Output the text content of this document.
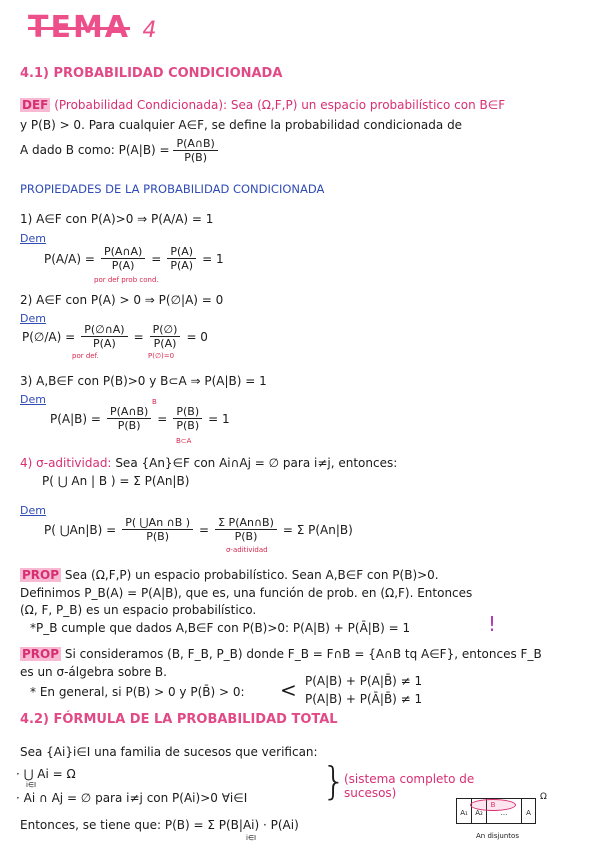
TEMA 4
4.1) PROBABILIDAD CONDICIONADA
DEF (Probabilidad Condicionada): Sea (Ω,F,P) un espacio probabilístico con B∈F
y P(B) > 0. Para cualquier A∈F, se define la probabilidad condicionada de
A dado B como: $P(A|B) = \frac{P(A\cap B)}{P(B)}$
PROPIEDADES DE LA PROBABILIDAD CONDICIONADA
1) A∈F con P(A)>0 ⇒ P(A/A) = 1
Dem
$P(A/A) = \frac{P(A\cap A)}{P(A)} = \frac{P(A)}{P(A)} = 1$
por def prob cond.
2) A∈F con P(A) > 0 ⇒ P(∅|A) = 0
Dem
P(∅/A) = $\frac{P(\emptyset\cap A)}{P(A)} = \frac{P(\emptyset)}{P(A)} = 0$
por def.	P(∅)=0
3) A,B∈F con P(B)>0 y B⊂A ⇒ P(A|B) = 1
Dem	B
$P(A|B) = \frac{P(A\cap B)}{P(B)} = \frac{P(B)}{P(B)} = 1$
B⊂A
4) σ-aditividad: Sea {An}∈F con Ai∩Aj = ∅ para i≠j, entonces:
P( ⋃ An | B ) = Σ P(An|B)
Dem
P( ⋃An|B) = $\frac{P( ⋃An \cap B )}{P(B)} = \frac{\text{Σ P(An∩B)}}{P(B)} = \Sigma$ P(An|B)
σ-aditividad
PROP Sea (Ω,F,P) un espacio probabilístico. Sean A,B∈F con P(B)>0.
Definimos P_B(A) = P(A|B), que es, una función de prob. en (Ω,F). Entonces
(Ω, F, P_B) es un espacio probabilístico.
*P_B cumple que dados A,B∈F con P(B)>0: P(A|B) + P(Ā|B) = 1	!
PROP Si consideramos (B, F_B, P_B) donde F_B = F∩B = {A∩B tq A∈F}, entonces F_B
es un σ-álgebra sobre B.
* En general, si P(B) > 0 y P(B̄) > 0: < P(A|B) + P(A|B̄) ≠ 1
P(A|B) + P(Ā|B̄) ≠ 1
4.2) FÓRMULA DE LA PROBABILIDAD TOTAL
Sea {Ai}i∈I una familia de sucesos que verifican:
· ⋃ Ai = Ω
i∈I
· Ai ∩ Aj = ∅ para i≠j con P(Ai)>0 ∀i∈I }
(sistema completo de sucesos)
Entonces, se tiene que: P(B) = Σ P(B|Ai) · P(Ai)
i∈I
A₁	A₂	...	A
B
Ω
An disjuntos
